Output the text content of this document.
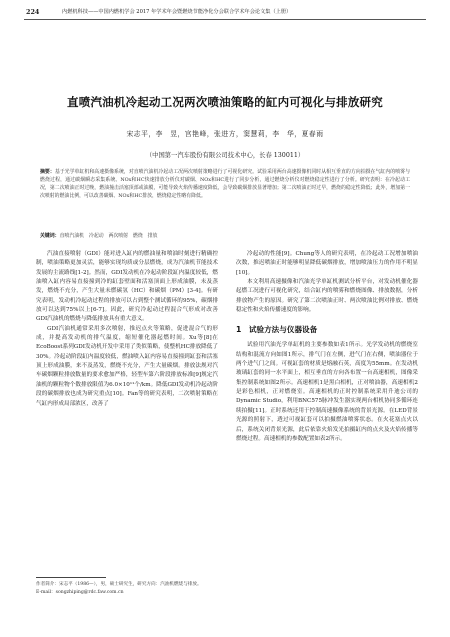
224	内燃机科技——中国内燃机学会 2017 年学术年会暨燃烧节能净化分会联合学术年会论文集（上册）
直喷汽油机冷起动工况两次喷油策略的缸内可视化与排放研究
宋志平，李　昱，宫艳峰，张进方，窦慧莉，李　华，夏春雨
（中国第一汽车股份有限公司技术中心，长春 130011）
摘要：基于光学单缸机和高速摄像系统，对直喷汽油机冷起动工况两次喷射策略进行了可视化研究。试验采用两台高速摄像机同时从相互垂直的方向拍摄在气缸内的喷雾与燃烧过程，通过碳烟瞬态采集系统、NOx和HC快速排放分析仪对碳烟、NOx和HC进行了同步分析，通过燃烧分析仪对燃烧稳定性进行了分析。研究表明：在冷起动工况，第二次喷油正时过晚，燃油撞击活塞顶部或油膜，可能导致火焰传播速度降低，会导致碳烟排放显著增加；第二次喷油正时过早，燃烧的稳定性降低；此外，增加第一次喷射的燃油比例，可以改善碳烟、NOx和HC排放，燃烧稳定性略有降低。
关键词：直喷汽油机　冷起动　两次喷射　燃烧　排放

汽油直接喷射（GDI）能对进入缸内的燃油量和喷油时刻进行精确控制，喷油策略更加灵活，能够实现均质或分层燃烧，成为汽油机节能技术发展的主流路线[1-2]。然而，GDI发动机在冷起动阶段缸内温度较低，燃油喷入缸内容易直接撞到冷的缸套壁面和活塞顶面上形成油膜，未及蒸发，燃烧不充分，产生大量未燃碳氢（HC）和碳烟（PM）[3-4]。有研究表明，发动机冷起动过程的排放可以占到整个测试循环的95%，碳烟排放可以达到75%以上[6-7]。因此，研究冷起动过程混合气形成对改善GDI汽油机的燃烧与降低排放具有重大意义。

GDI汽油机通常采用多次喷射，推迟点火等策略，促进混合气的形成，并提高发动机的排气温度，缩短催化器起燃时间。Xu等[8]在EcoBoost系列GDI发动机开发中采用了类似策略，使整机HC排放降低了30%。冷起动阶段缸内温度较低，燃油喷入缸内容易直接撞到缸套和活塞顶上形成油膜，来不及蒸发，燃烧不充分，产生大量碳烟。排放法规对汽车碳烟颗粒排放数量的要求愈加严格，轻型车第六阶段排放标准[9]规定汽油机的颗粒物个数排放限值为6.0×10¹¹个/km。降低GDI发动机冷起动阶段的碳烟排放也成为研究重点[10]。Fan等的研究表明，二次喷射策略在气缸内形成局部浓区，改善了

冷起动的性能[9]。Chung等人的研究表明，在冷起动工况增加喷油次数，推迟喷油正时能够明显降低碳烟排放，增加喷油压力的作用不明显[10]。

本文利用高速摄像和汽油光学单缸机测试分析平台，对发动机催化器起燃工况进行可视化研究，结合缸内的喷雾和燃烧图像、排放数据，分析排放物产生的原因。研究了第二次喷油正时、两次喷油比例对排放、燃烧稳定性和火焰传播速度的影响。

1　试验方法与仪器设备

试验用汽油光学单缸机的主要参数如表1所示。光学发动机的燃烧室结构和混流方向如图1所示，排气门在左侧，进气门在右侧，喷油器位于两个进气门之间。可视缸套的材质是熔融石英，高度为55mm。在发动机玻璃缸套的同一水平面上，相互垂直的方向各布置一台高速相机，图像采集控制系统如图2所示。高速相机1是黑白相机，正对喷油器，高速相机2是彩色相机，正对燃烧室。高速相机的正时控制系统采用升迪公司的Dynamic Studio，利用BNC575脉冲发生器实现两台相机协同多循环连续拍摄[11]。正时系统还用于控制高速摄像系统的背景光源。在LED背景光源的照射下，透过可视缸套可以拍摄燃油喷雾状态。在火花塞点火以后，系统关闭背景光源，此后依靠火焰发光拍摄缸内的点火及火焰传播等燃烧过程。高速相机的参数配置如表2所示。

作者简介：宋志平（1986—），男，硕士研究生，研究方向：汽油机燃烧与排放。
E-mail：songzhiping@rdc.faw.com.cn
